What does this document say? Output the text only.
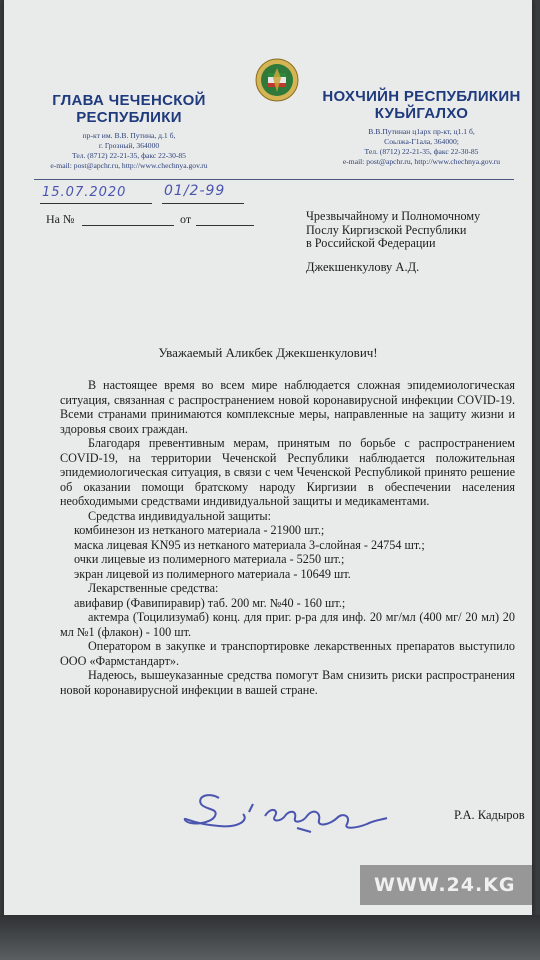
ГЛАВА ЧЕЧЕНСКОЙ РЕСПУБЛИКИ
пр-кт им. В.В. Путина, д.1 б,
г. Грозный, 364000
Тел. (8712) 22-21-35, факс 22-30-85
e-mail: post@apchr.ru, http://www.chechnya.gov.ru
НОХЧИЙН РЕСПУБЛИКИН КУЬЙГАЛХО
В.В.Путинан ц1арх пр-кт, ц1.1 б,
Соьлжа-Г1ала, 364000;
Тел. (8712) 22-21-35, факс 22-30-85
e-mail: post@apchr.ru, http://www.chechnya.gov.ru
15.07.2020	01/2-99
На №	от	Чрезвычайному и Полномочному
Послу Киргизской Республики
в Российской Федерации
Джекшенкулову А.Д.
Уважаемый Аликбек Джекшенкулович!

В настоящее время во всем мире наблюдается сложная эпидемиологическая ситуация, связанная с распространением новой коронавирусной инфекции COVID-19. Всеми странами принимаются комплексные меры, направленные на защиту жизни и здоровья своих граждан.

Благодаря превентивным мерам, принятым по борьбе с распространением COVID-19, на территории Чеченской Республики наблюдается положительная эпидемиологическая ситуация, в связи с чем Чеченской Республикой принято решение об оказании помощи братскому народу Киргизии в обеспечении населения необходимыми средствами индивидуальной защиты и медикаментами.

Средства индивидуальной защиты:

комбинезон из нетканого материала - 21900 шт.;

маска лицевая KN95 из нетканого материала 3-слойная - 24754 шт.;

очки лицевые из полимерного материала - 5250 шт.;

экран лицевой из полимерного материала - 10649 шт.

Лекарственные средства:

авифавир (Фавипиравир) таб. 200 мг. №40 - 160 шт.;

актемра (Тоцилизумаб) конц. для приг. р-ра для инф. 20 мг/мл (400 мг/ 20 мл) 20 мл №1 (флакон) - 100 шт.

Оператором в закупке и транспортировке лекарственных препаратов выступило ООО «Фармстандарт».

Надеюсь, вышеуказанные средства помогут Вам снизить риски распространения новой коронавирусной инфекции в вашей стране.

Р.А. Кадыров
WWW.24.KG
